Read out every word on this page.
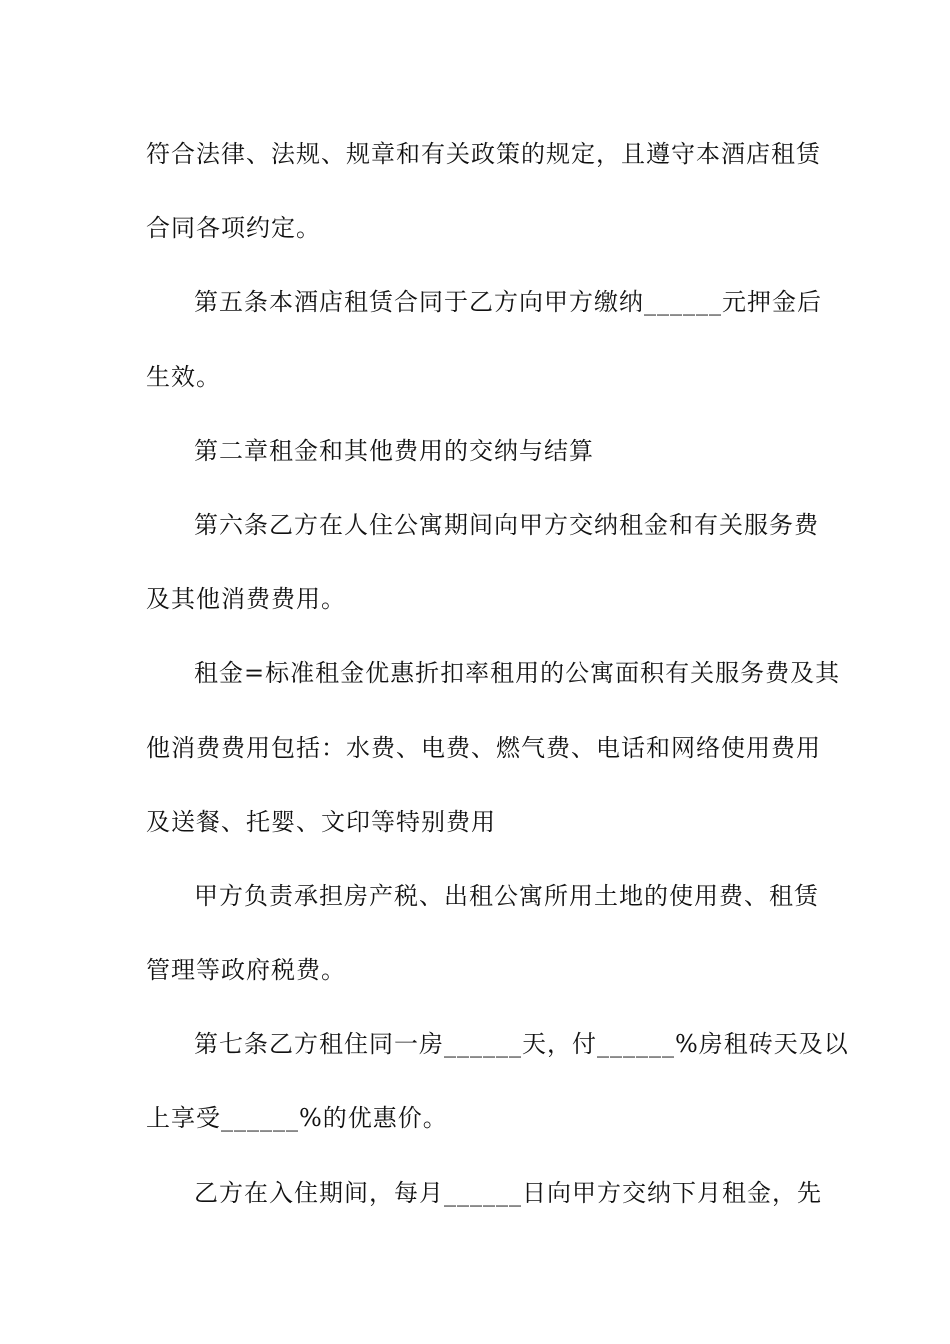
符合法律、法规、规章和有关政策的规定，且遵守本酒店租赁
合同各项约定。
第五条本酒店租赁合同于乙方向甲方缴纳______元押金后
生效。
第二章租金和其他费用的交纳与结算
第六条乙方在人住公寓期间向甲方交纳租金和有关服务费
及其他消费费用。
租金=标准租金优惠折扣率租用的公寓面积有关服务费及其
他消费费用包括：水费、电费、燃气费、电话和网络使用费用
及送餐、托婴、文印等特别费用
甲方负责承担房产税、出租公寓所用土地的使用费、租赁
管理等政府税费。
第七条乙方租住同一房______天，付______%房租砖天及以
上享受______%的优惠价。
乙方在入住期间，每月______日向甲方交纳下月租金，先
